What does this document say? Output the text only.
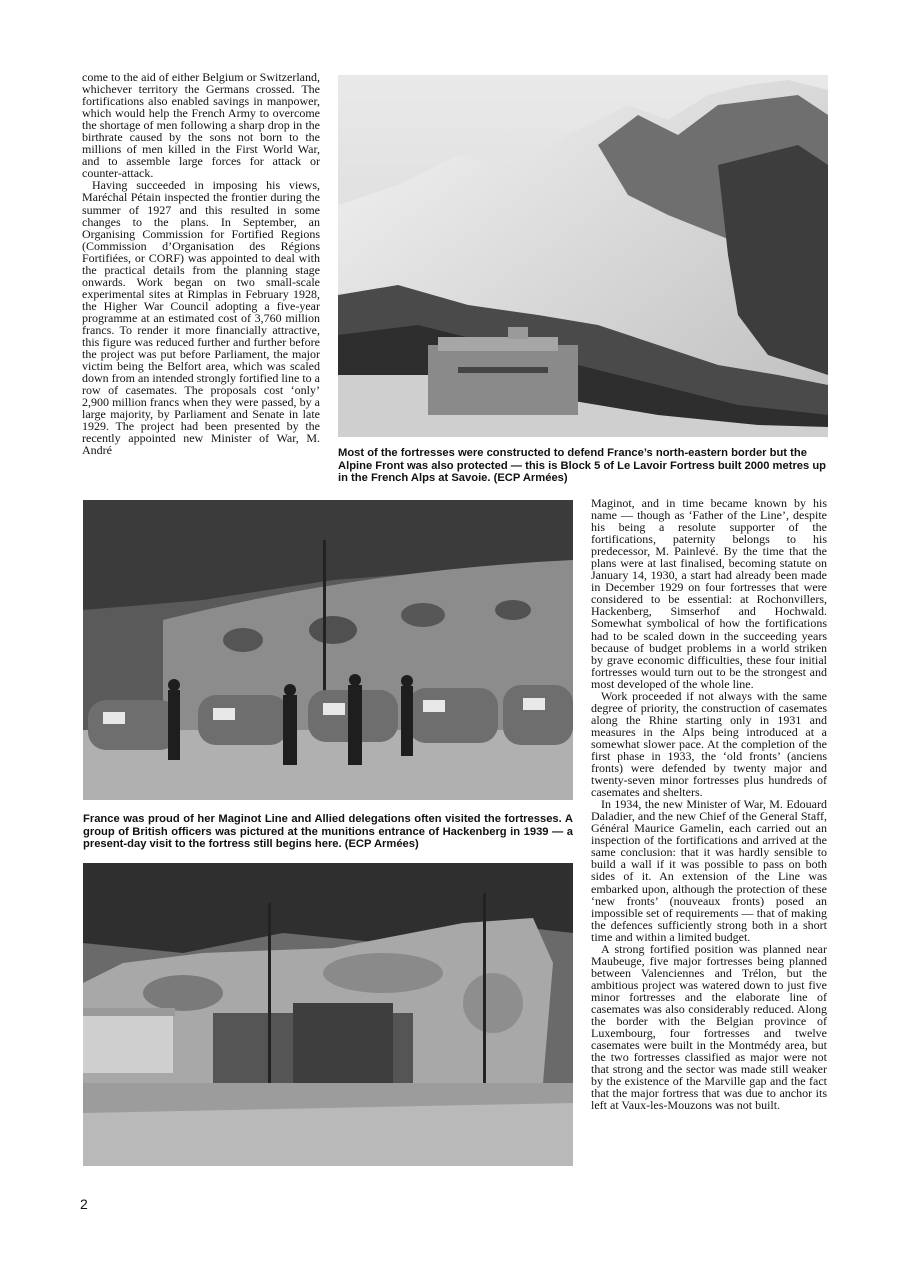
come to the aid of either Belgium or Switzerland, whichever territory the Germans crossed. The fortifications also enabled savings in manpower, which would help the French Army to overcome the shortage of men following a sharp drop in the birthrate caused by the sons not born to the millions of men killed in the First World War, and to assemble large forces for attack or counter-attack.

Having succeeded in imposing his views, Maréchal Pétain inspected the frontier during the summer of 1927 and this resulted in some changes to the plans. In September, an Organising Commission for Fortified Regions (Commission d’Organisation des Régions Fortifiées, or CORF) was appointed to deal with the practical details from the planning stage onwards. Work began on two small-scale experimental sites at Rimplas in February 1928, the Higher War Council adopting a five-year programme at an estimated cost of 3,760 million francs. To render it more financially attractive, this figure was reduced further and further before the project was put before Parliament, the major victim being the Belfort area, which was scaled down from an intended strongly fortified line to a row of casemates. The proposals cost ‘only’ 2,900 million francs when they were passed, by a large majority, by Parliament and Senate in late 1929. The project had been presented by the recently appointed new Minister of War, M. André	Most of the fortresses were constructed to defend France’s north-eastern border but the Alpine Front was also protected — this is Block 5 of Le Lavoir Fortress built 2000 metres up in the French Alps at Savoie. (ECP Armées)

France was proud of her Maginot Line and Allied delegations often visited the fortresses. A group of British officers was pictured at the munitions entrance of Hackenberg in 1939 — a present-day visit to the fortress still begins here. (ECP Armées)

Maginot, and in time became known by his name — though as ‘Father of the Line’, despite his being a resolute supporter of the fortifications, paternity belongs to his predecessor, M. Painlevé. By the time that the plans were at last finalised, becoming statute on January 14, 1930, a start had already been made in December 1929 on four fortresses that were considered to be essential: at Rochonvillers, Hackenberg, Simserhof and Hochwald. Somewhat symbolical of how the fortifications had to be scaled down in the succeeding years because of budget problems in a world striken by grave economic difficulties, these four initial fortresses would turn out to be the strongest and most developed of the whole line.

Work proceeded if not always with the same degree of priority, the construction of casemates along the Rhine starting only in 1931 and measures in the Alps being introduced at a somewhat slower pace. At the completion of the first phase in 1933, the ‘old fronts’ (anciens fronts) were defended by twenty major and twenty-seven minor fortresses plus hundreds of casemates and shelters.

In 1934, the new Minister of War, M. Edouard Daladier, and the new Chief of the General Staff, Général Maurice Gamelin, each carried out an inspection of the fortifications and arrived at the same conclusion: that it was hardly sensible to build a wall if it was possible to pass on both sides of it. An extension of the Line was embarked upon, although the protection of these ‘new fronts’ (nouveaux fronts) posed an impossible set of requirements — that of making the defences sufficiently strong both in a short time and within a limited budget.

A strong fortified position was planned near Maubeuge, five major fortresses being planned between Valenciennes and Trélon, but the ambitious project was watered down to just five minor fortresses and the elaborate line of casemates was also considerably reduced. Along the border with the Belgian province of Luxembourg, four fortresses and twelve casemates were built in the Montmédy area, but the two fortresses classified as major were not that strong and the sector was made still weaker by the existence of the Marville gap and the fact that the major fortress that was due to anchor its left at Vaux-les-Mouzons was not built.

2
